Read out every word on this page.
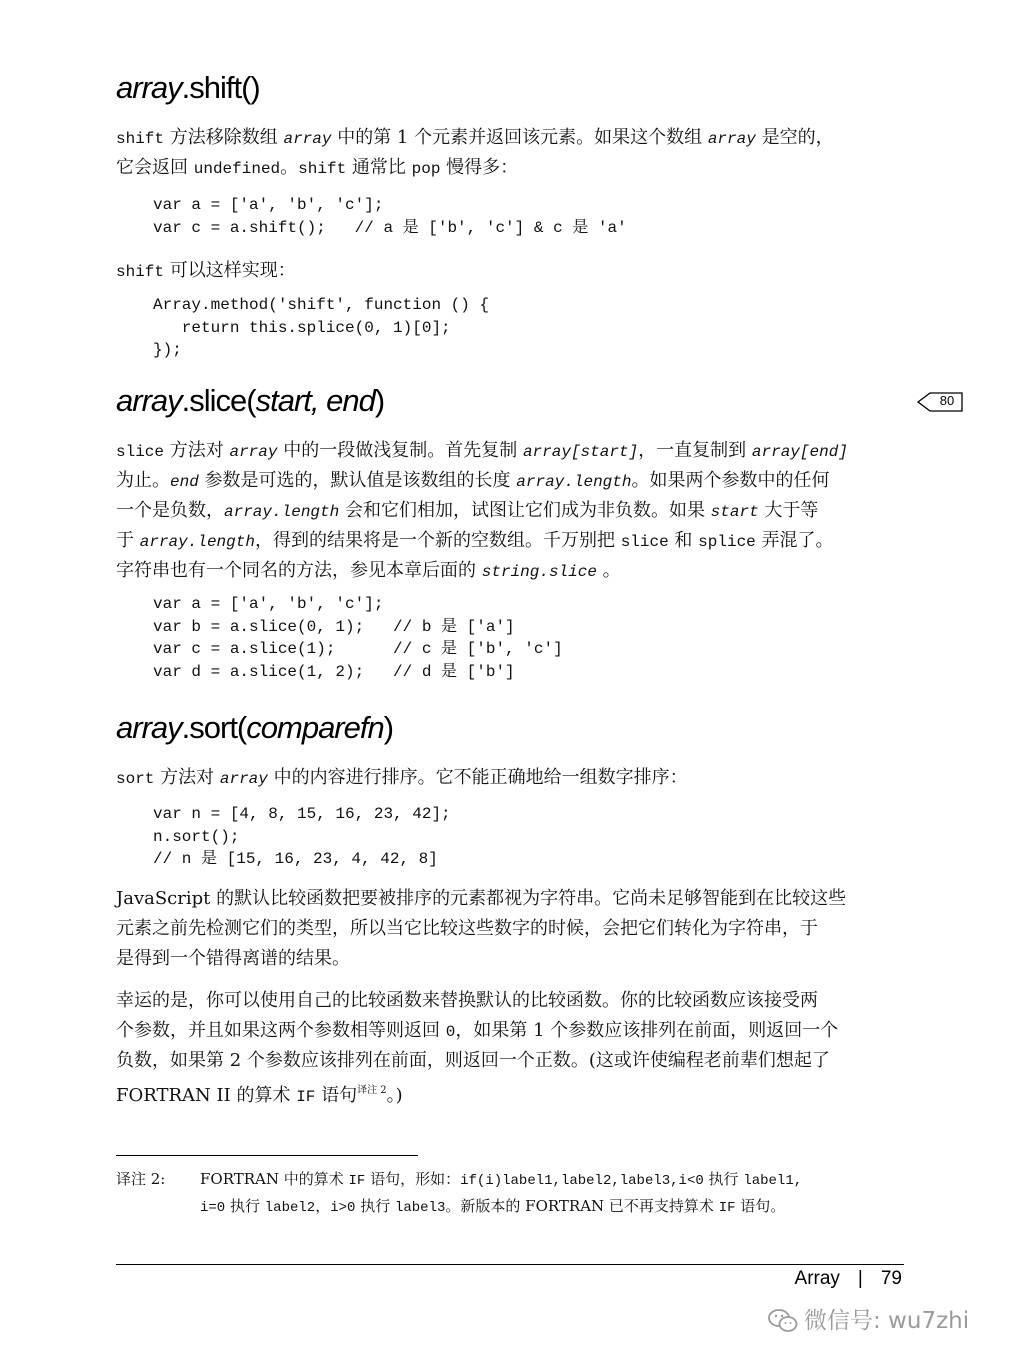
array.shift()
shift 方法移除数组 array 中的第 1 个元素并返回该元素。如果这个数组 array 是空的，
它会返回 undefined。shift 通常比 pop 慢得多：
var a = ['a', 'b', 'c'];
var c = a.shift();   // a 是 ['b', 'c'] & c 是 'a'
shift 可以这样实现：
Array.method('shift', function () {
return this.splice(0, 1)[0];
});
array.slice(start, end)	80
slice 方法对 array 中的一段做浅复制。首先复制 array[start]，一直复制到 array[end]
为止。end 参数是可选的，默认值是该数组的长度 array.length。如果两个参数中的任何
一个是负数，array.length 会和它们相加，试图让它们成为非负数。如果 start 大于等
于 array.length，得到的结果将是一个新的空数组。千万别把 slice 和 splice 弄混了。
字符串也有一个同名的方法，参见本章后面的 string.slice 。
var a = ['a', 'b', 'c'];
var b = a.slice(0, 1);   // b 是 ['a']
var c = a.slice(1);      // c 是 ['b', 'c']
var d = a.slice(1, 2);   // d 是 ['b']
array.sort(comparefn)
sort 方法对 array 中的内容进行排序。它不能正确地给一组数字排序：
var n = [4, 8, 15, 16, 23, 42];
n.sort();
// n 是 [15, 16, 23, 4, 42, 8]
JavaScript 的默认比较函数把要被排序的元素都视为字符串。它尚未足够智能到在比较这些
元素之前先检测它们的类型，所以当它比较这些数字的时候，会把它们转化为字符串，于
是得到一个错得离谱的结果。
幸运的是，你可以使用自己的比较函数来替换默认的比较函数。你的比较函数应该接受两
个参数，并且如果这两个参数相等则返回 0，如果第 1 个参数应该排列在前面，则返回一个
负数，如果第 2 个参数应该排列在前面，则返回一个正数。(这或许使编程老前辈们想起了
FORTRAN II 的算术 IF 语句$^{译注 2}$。)
译注 2: FORTRAN 中的算术 IF 语句，形如：if(i)label1,label2,label3,i<0 执行 label1,
i=0 执行 label2，i>0 执行 label3。新版本的 FORTRAN 已不再支持算术 IF 语句。
Array | 79
微信号: wu7zhi
